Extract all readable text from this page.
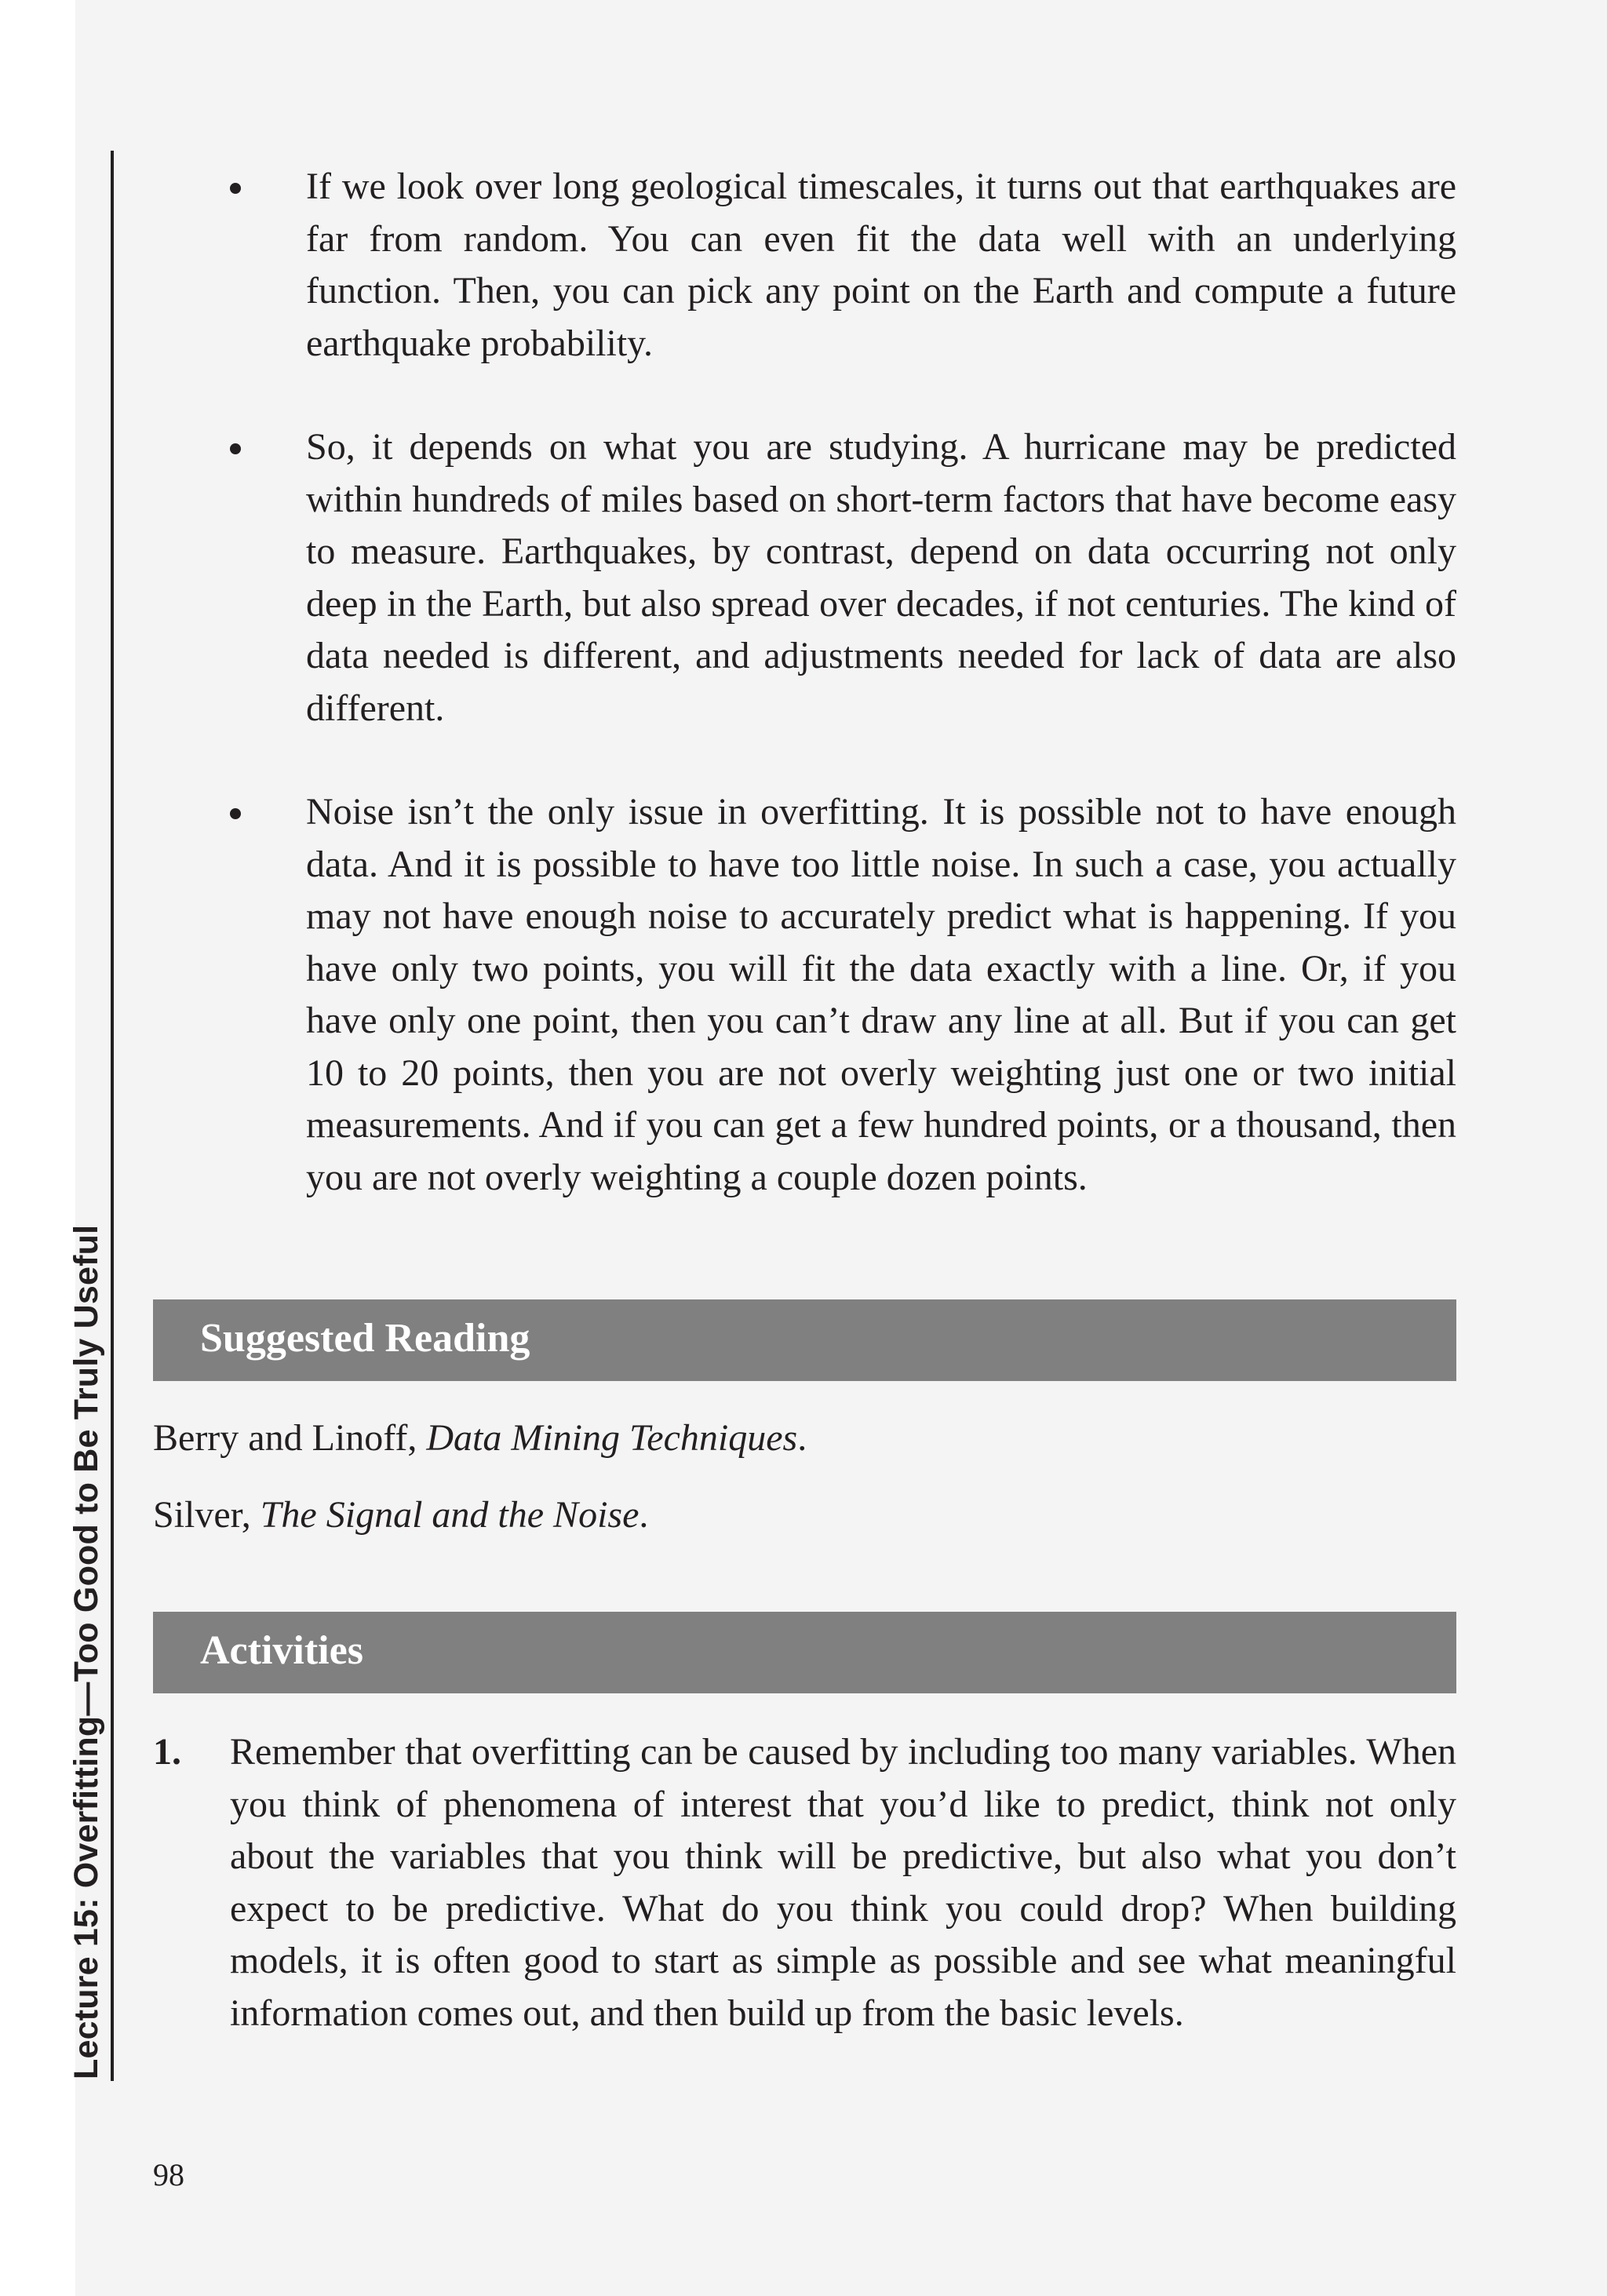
Lecture 15: Overfitting—Too Good to Be Truly Useful

If we look over long geological timescales, it turns out that earthquakes are far from random. You can even fit the data well with an underlying function. Then, you can pick any point on the Earth and compute a future earthquake probability.

So, it depends on what you are studying. A hurricane may be predicted within hundreds of miles based on short-term factors that have become easy to measure. Earthquakes, by contrast, depend on data occurring not only deep in the Earth, but also spread over decades, if not centuries. The kind of data needed is different, and adjustments needed for lack of data are also different.

Noise isn’t the only issue in overfitting. It is possible not to have enough data. And it is possible to have too little noise. In such a case, you actually may not have enough noise to accurately predict what is happening. If you have only two points, you will fit the data exactly with a line. Or, if you have only one point, then you can’t draw any line at all. But if you can get 10 to 20 points, then you are not overly weighting just one or two initial measurements. And if you can get a few hundred points, or a thousand, then you are not overly weighting a couple dozen points.

Suggested Reading

Berry and Linoff, Data Mining Techniques.

Silver, The Signal and the Noise.

Activities
1. Remember that overfitting can be caused by including too many variables. When you think of phenomena of interest that you’d like to predict, think not only about the variables that you think will be predictive, but also what you don’t expect to be predictive. What do you think you could drop? When building models, it is often good to start as simple as possible and see what meaningful information comes out, and then build up from the basic levels.

98
